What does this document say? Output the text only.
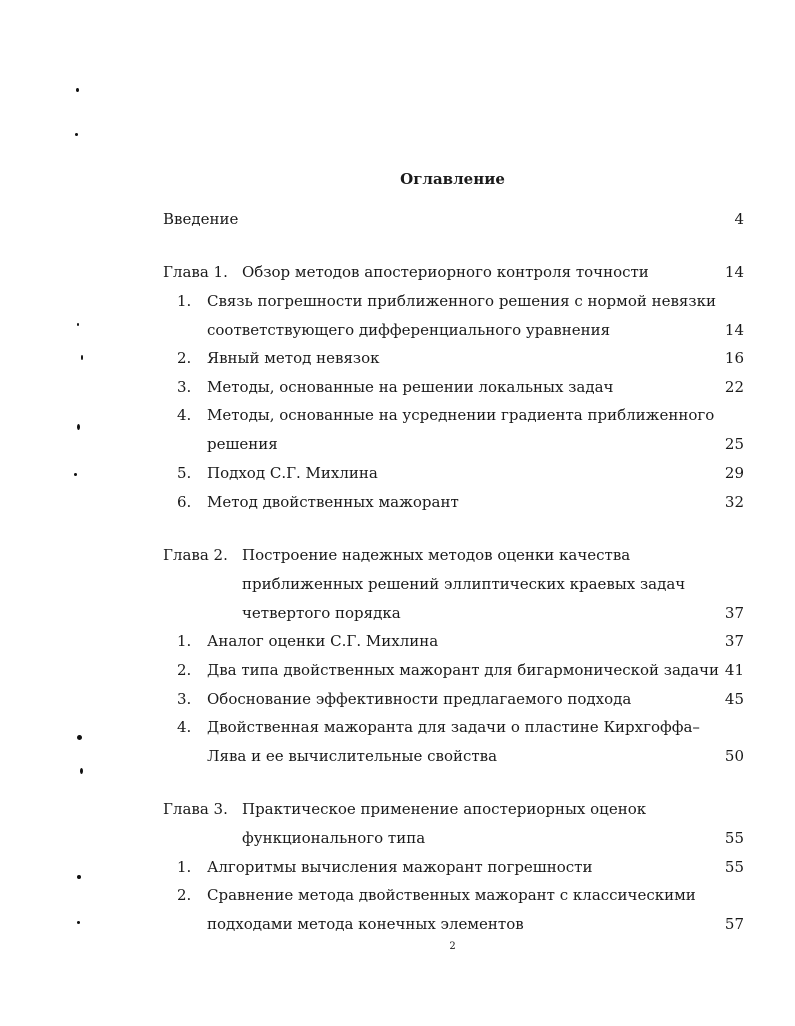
Оглавление
Введение	4
Глава 1. Обзор методов апостериорного контроля точности	14
1. Связь погрешности приближенного решения с нормой невязки
соответствующего дифференциального уравнения	14
2. Явный метод невязок	16
3. Методы, основанные на решении локальных задач	22
4. Методы, основанные на усреднении градиента приближенного
решения	25
5. Подход С.Г. Михлина	29
6. Метод двойственных мажорант	32
Глава 2. Построение надежных методов оценки качества
приближенных решений эллиптических краевых задач
четвертого порядка	37
1. Аналог оценки С.Г. Михлина	37
2. Два типа двойственных мажорант для бигармонической задачи 41
3. Обоснование эффективности предлагаемого подхода	45
4. Двойственная мажоранта для задачи о пластине Кирхгоффа–
Лява и ее вычислительные свойства	50
Глава 3. Практическое применение апостериорных оценок
функционального типа	55
1. Алгоритмы вычисления мажорант погрешности	55
2. Сравнение метода двойственных мажорант с классическими
подходами метода конечных элементов	57
2
